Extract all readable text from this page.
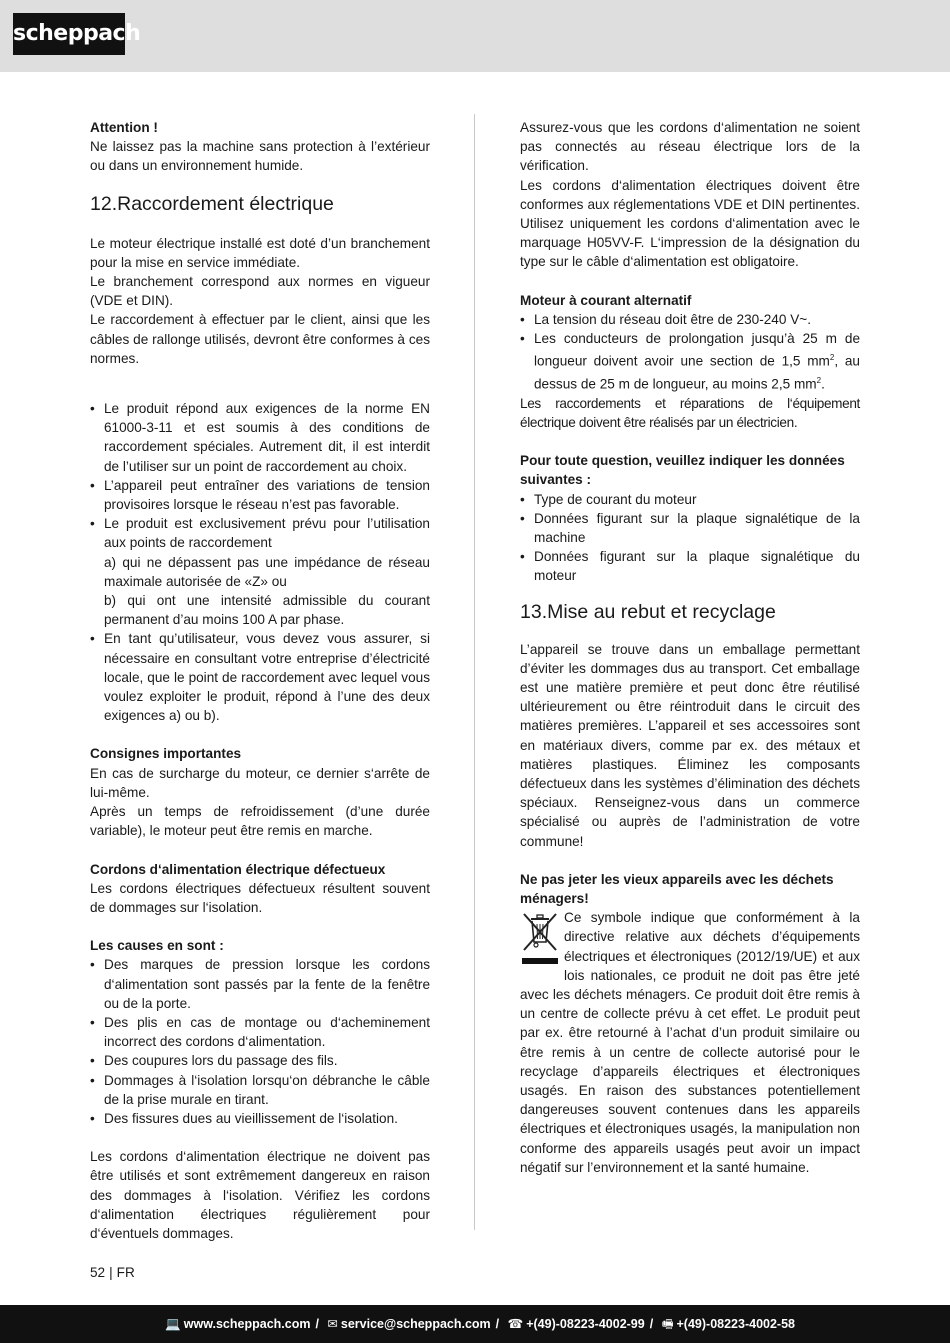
scheppach

Attention !

Ne laissez pas la machine sans protection à l’extérieur ou dans un environnement humide.

12.Raccordement électrique

Le moteur électrique installé est doté d’un branchement pour la mise en service immédiate.

Le branchement correspond aux normes en vigueur (VDE et DIN).

Le raccordement à effectuer par le client, ainsi que les câbles de rallonge utilisés, devront être conformes à ces normes.

• Le produit répond aux exigences de la norme EN 61000-3-11 et est soumis à des conditions de raccordement spéciales. Autrement dit, il est interdit de l’utiliser sur un point de raccordement au choix.
• L’appareil peut entraîner des variations de tension provisoires lorsque le réseau n’est pas favorable.
• Le produit est exclusivement prévu pour l’utilisation aux points de raccordement
a) qui ne dépassent pas une impédance de réseau maximale autorisée de «Z» ou
b) qui ont une intensité admissible du courant permanent d’au moins 100 A par phase.
• En tant qu’utilisateur, vous devez vous assurer, si nécessaire en consultant votre entreprise d’électricité locale, que le point de raccordement avec lequel vous voulez exploiter le produit, répond à l’une des deux exigences a) ou b).

Consignes importantes

En cas de surcharge du moteur, ce dernier s‘arrête de lui-même.

Après un temps de refroidissement (d’une durée variable), le moteur peut être remis en marche.

Cordons d‘alimentation électrique défectueux

Les cordons électriques défectueux résultent souvent de dommages sur l‘isolation.

Les causes en sont :

• Des marques de pression lorsque les cordons d‘alimentation sont passés par la fente de la fenêtre ou de la porte.
• Des plis en cas de montage ou d‘acheminement incorrect des cordons d‘alimentation.
• Des coupures lors du passage des fils.
• Dommages à l‘isolation lorsqu‘on débranche le câble de la prise murale en tirant.
• Des fissures dues au vieillissement de l‘isolation.

Les cordons d‘alimentation électrique ne doivent pas être utilisés et sont extrêmement dangereux en raison des dommages à l‘isolation. Vérifiez les cordons d‘alimentation électriques régulièrement pour d‘éventuels dommages.

Assurez-vous que les cordons d‘alimentation ne soient pas connectés au réseau électrique lors de la vérification.

Les cordons d‘alimentation électriques doivent être conformes aux réglementations VDE et DIN pertinentes. Utilisez uniquement les cordons d‘alimentation avec le marquage H05VV-F. L‘impression de la désignation du type sur le câble d‘alimentation est obligatoire.

Moteur à courant alternatif

• La tension du réseau doit être de 230-240 V~.
• Les conducteurs de prolongation jusqu’à 25 m de longueur doivent avoir une section de 1,5 $mm^2$, au dessus de 25 m de longueur, au moins 2,5 $mm^2$.

Les raccordements et réparations de l‘équipement électrique doivent être réalisés par un électricien.

Pour toute question, veuillez indiquer les données suivantes :

• Type de courant du moteur
• Données figurant sur la plaque signalétique de la machine
• Données figurant sur la plaque signalétique du moteur
13.Mise au rebut et recyclage

L’appareil se trouve dans un emballage permettant d’éviter les dommages dus au transport. Cet emballage est une matière première et peut donc être réutilisé ultérieurement ou être réintroduit dans le circuit des matières premières. L’appareil et ses accessoires sont en matériaux divers, comme par ex. des métaux et matières plastiques. Éliminez les composants défectueux dans les systèmes d’élimination des déchets spéciaux. Renseignez-vous dans un commerce spécialisé ou auprès de l’administration de votre commune!

Ne pas jeter les vieux appareils avec les déchets ménagers!

Ce symbole indique que conformément à la directive relative aux déchets d’équipements électriques et électroniques (2012/19/UE) et aux lois nationales, ce produit ne doit pas être jeté avec les déchets ménagers. Ce produit doit être remis à un centre de collecte prévu à cet effet. Le produit peut par ex. être retourné à l’achat d’un produit similaire ou être remis à un centre de collecte autorisé pour le recyclage d’appareils électriques et électroniques usagés. En raison des substances potentiellement dangereuses souvent contenues dans les appareils électriques et électroniques usagés, la manipulation non conforme des appareils usagés peut avoir un impact négatif sur l’environnement et la santé humaine.

52 | FR
💻 www.scheppach.com / ✉ service@scheppach.com / ☎ +(49)-08223-4002-99 / 🖷 +(49)-08223-4002-58
